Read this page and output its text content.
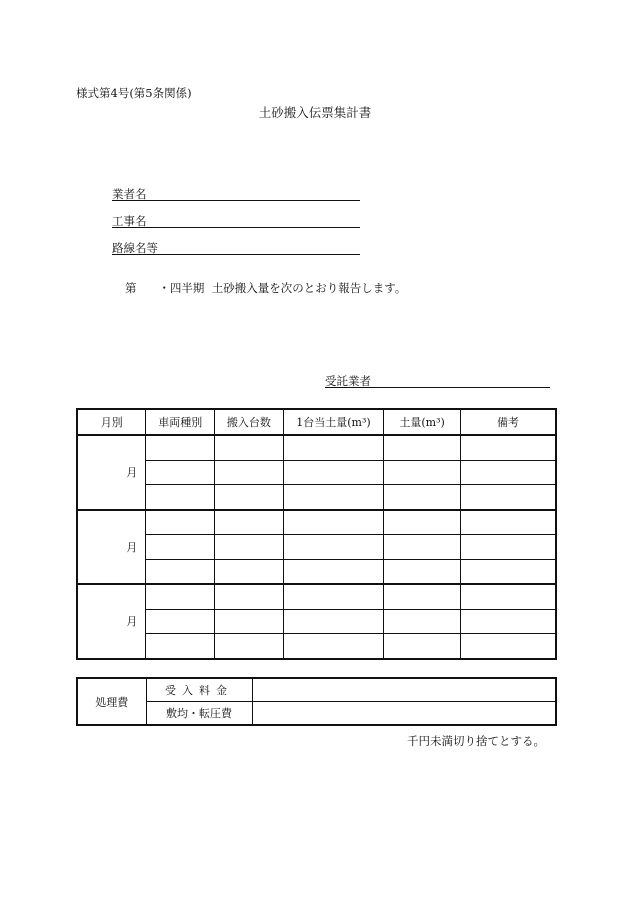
様式第4号(第5条関係)
土砂搬入伝票集計書
業者名
工事名
路線名等
第 ・四半期 土砂搬入量を次のとおり報告します。
受託業者
月別	車両種別	搬入台数	1台当土量(m³)	土量(m³)	備考
月					

月					

月					

処理費	受入料金	
	敷均・転圧費	
千円未満切り捨てとする。
